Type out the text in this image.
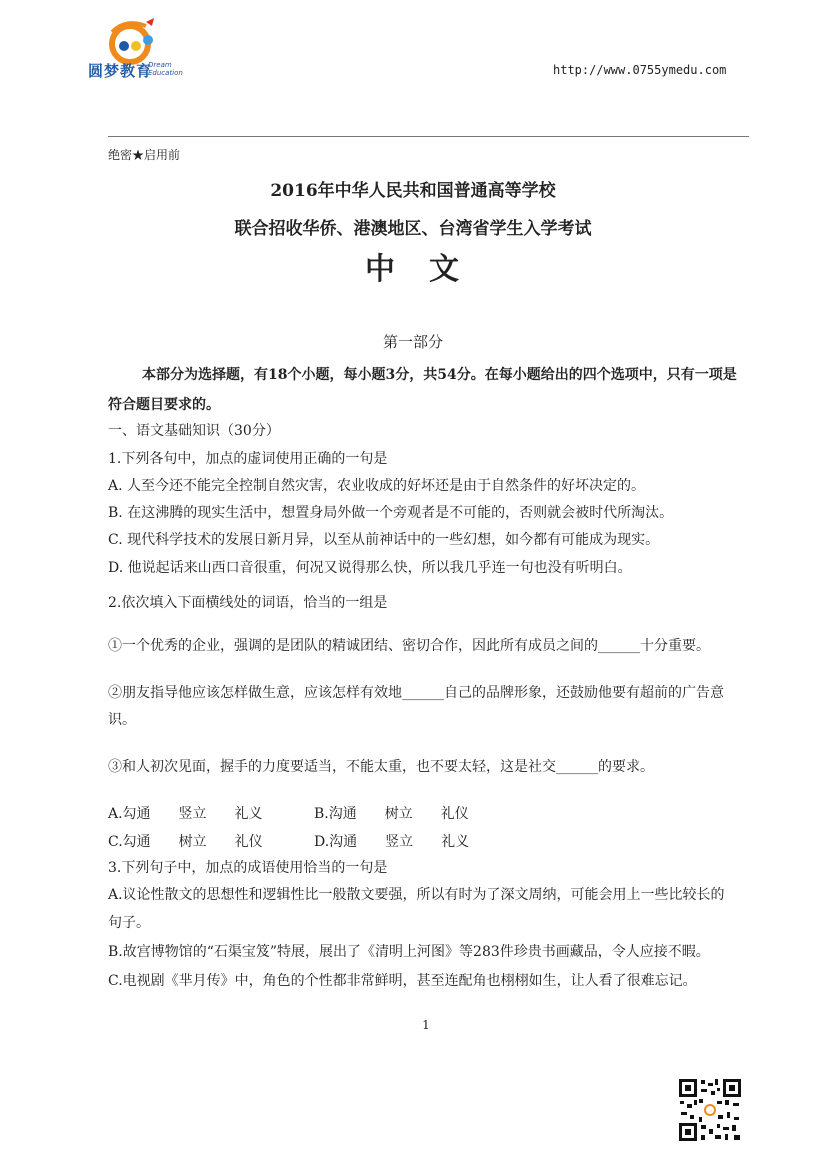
圆梦教育
Dream Education	http://www.0755ymedu.com
绝密★启用前
2016年中华人民共和国普通高等学校
联合招收华侨、港澳地区、台湾省学生入学考试
中　文
第一部分
本部分为选择题，有18个小题，每小题3分，共54分。在每小题给出的四个选项中，只有一项是符合题目要求的。
一、语文基础知识（30分）
1.下列各句中，加点的虚词使用正确的一句是
A. 人至今还不能完全控制自然灾害，农业收成的好坏还是由于自然条件的好坏决定的。
B. 在这沸腾的现实生活中，想置身局外做一个旁观者是不可能的，否则就会被时代所淘汰。
C. 现代科学技术的发展日新月异，以至从前神话中的一些幻想，如今都有可能成为现实。
D. 他说起话来山西口音很重，何况又说得那么快，所以我几乎连一句也没有听明白。
2.依次填入下面横线处的词语，恰当的一组是
①一个优秀的企业，强调的是团队的精诚团结、密切合作，因此所有成员之间的______十分重要。
②朋友指导他应该怎样做生意，应该怎样有效地______自己的品牌形象，还鼓励他要有超前的广告意
识。
③和人初次见面，握手的力度要适当，不能太重，也不要太轻，这是社交______的要求。
A.勾通　　竖立　　礼义	B.沟通　　树立　　礼仪
C.勾通　　树立　　礼仪	D.沟通　　竖立　　礼义
3.下列句子中，加点的成语使用恰当的一句是
A.议论性散文的思想性和逻辑性比一般散文要强，所以有时为了深文周纳，可能会用上一些比较长的
句子。
B.故宫博物馆的“石渠宝笈”特展，展出了《清明上河图》等283件珍贵书画藏品，令人应接不暇。
C.电视剧《芈月传》中，角色的个性都非常鲜明，甚至连配角也栩栩如生，让人看了很难忘记。
1
